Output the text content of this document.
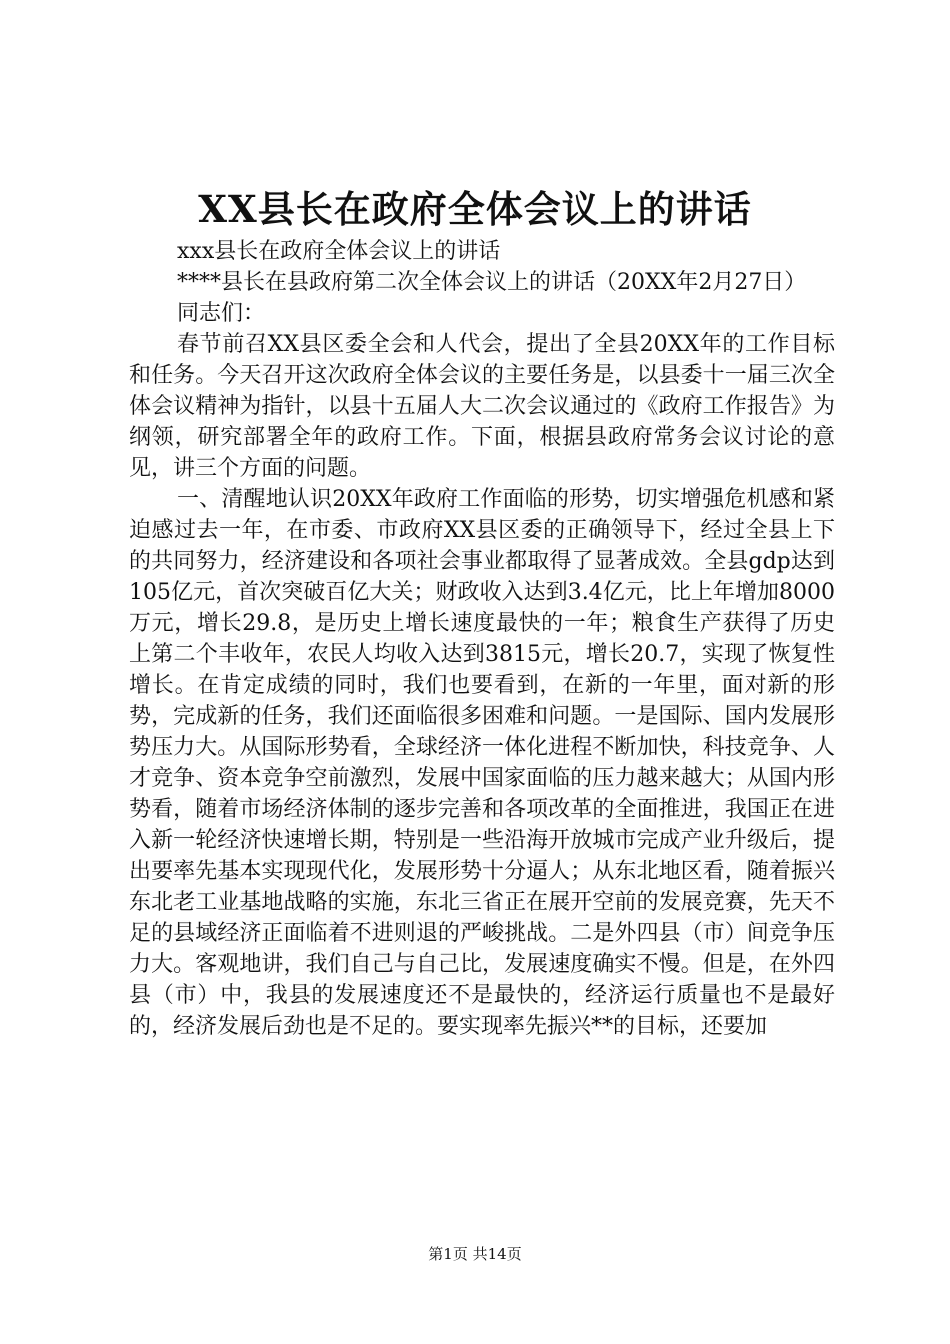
XX县长在政府全体会议上的讲话

xxx县长在政府全体会议上的讲话

****县长在县政府第二次全体会议上的讲话（20XX年2月27日）

同志们：

春节前召XX县区委全会和人代会，提出了全县20XX年的工作目标和任务。今天召开这次政府全体会议的主要任务是，以县委十一届三次全体会议精神为指针，以县十五届人大二次会议通过的《政府工作报告》为纲领，研究部署全年的政府工作。下面，根据县政府常务会议讨论的意见，讲三个方面的问题。

一、清醒地认识20XX年政府工作面临的形势，切实增强危机感和紧迫感过去一年，在市委、市政府XX县区委的正确领导下，经过全县上下的共同努力，经济建设和各项社会事业都取得了显著成效。全县gdp达到105亿元，首次突破百亿大关；财政收入达到3.4亿元，比上年增加8000万元，增长29.8，是历史上增长速度最快的一年；粮食生产获得了历史上第二个丰收年，农民人均收入达到3815元，增长20.7，实现了恢复性增长。在肯定成绩的同时，我们也要看到，在新的一年里，面对新的形势，完成新的任务，我们还面临很多困难和问题。一是国际、国内发展形势压力大。从国际形势看，全球经济一体化进程不断加快，科技竞争、人才竞争、资本竞争空前激烈，发展中国家面临的压力越来越大；从国内形势看，随着市场经济体制的逐步完善和各项改革的全面推进，我国正在进入新一轮经济快速增长期，特别是一些沿海开放城市完成产业升级后，提出要率先基本实现现代化，发展形势十分逼人；从东北地区看，随着振兴东北老工业基地战略的实施，东北三省正在展开空前的发展竞赛，先天不足的县域经济正面临着不进则退的严峻挑战。二是外四县（市）间竞争压力大。客观地讲，我们自己与自己比，发展速度确实不慢。但是，在外四县（市）中，我县的发展速度还不是最快的，经济运行质量也不是最好的，经济发展后劲也是不足的。要实现率先振兴**的目标，还要加

第1页 共14页
